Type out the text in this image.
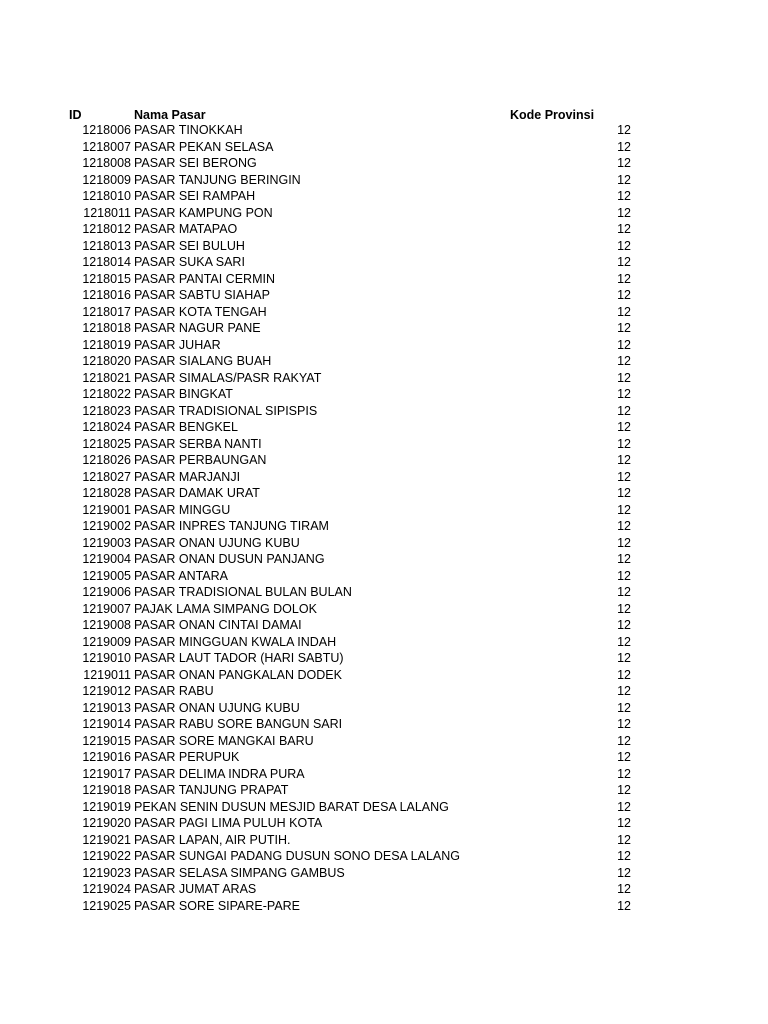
ID	Nama Pasar	Kode Provinsi
1218006 PASAR TINOKKAH	12
1218007 PASAR PEKAN SELASA	12
1218008 PASAR SEI BERONG	12
1218009 PASAR TANJUNG BERINGIN	12
1218010 PASAR SEI RAMPAH	12
1218011 PASAR KAMPUNG PON	12
1218012 PASAR MATAPAO	12
1218013 PASAR SEI BULUH	12
1218014 PASAR SUKA SARI	12
1218015 PASAR PANTAI CERMIN	12
1218016 PASAR SABTU SIAHAP	12
1218017 PASAR KOTA TENGAH	12
1218018 PASAR NAGUR PANE	12
1218019 PASAR JUHAR	12
1218020 PASAR SIALANG BUAH	12
1218021 PASAR SIMALAS/PASR RAKYAT	12
1218022 PASAR BINGKAT	12
1218023 PASAR TRADISIONAL SIPISPIS	12
1218024 PASAR BENGKEL	12
1218025 PASAR SERBA NANTI	12
1218026 PASAR PERBAUNGAN	12
1218027 PASAR MARJANJI	12
1218028 PASAR DAMAK URAT	12
1219001 PASAR MINGGU	12
1219002 PASAR INPRES TANJUNG TIRAM	12
1219003 PASAR ONAN UJUNG KUBU	12
1219004 PASAR ONAN DUSUN PANJANG	12
1219005 PASAR ANTARA	12
1219006 PASAR TRADISIONAL BULAN BULAN	12
1219007 PAJAK LAMA SIMPANG DOLOK	12
1219008 PASAR ONAN CINTAI DAMAI	12
1219009 PASAR MINGGUAN KWALA INDAH	12
1219010 PASAR LAUT TADOR (HARI SABTU)	12
1219011 PASAR ONAN PANGKALAN DODEK	12
1219012 PASAR RABU	12
1219013 PASAR ONAN UJUNG KUBU	12
1219014 PASAR RABU SORE BANGUN SARI	12
1219015 PASAR SORE MANGKAI BARU	12
1219016 PASAR PERUPUK	12
1219017 PASAR DELIMA INDRA PURA	12
1219018 PASAR TANJUNG PRAPAT	12
1219019 PEKAN SENIN DUSUN MESJID BARAT DESA LALANG	12
1219020 PASAR PAGI LIMA PULUH KOTA	12
1219021 PASAR LAPAN, AIR PUTIH.	12
1219022 PASAR SUNGAI PADANG DUSUN SONO DESA LALANG	12
1219023 PASAR SELASA SIMPANG GAMBUS	12
1219024 PASAR JUMAT ARAS	12
1219025 PASAR SORE SIPARE-PARE	12
